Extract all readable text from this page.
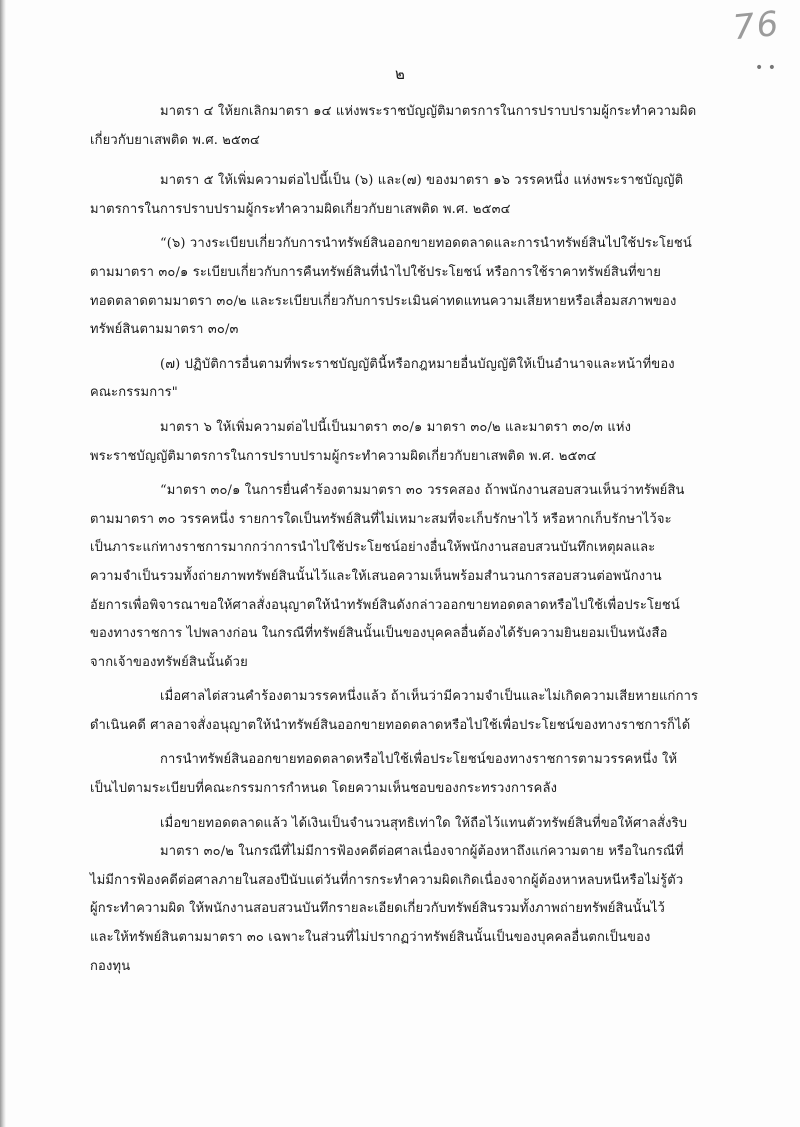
76
• •
๒

มาตรา ๔ ให้ยกเลิกมาตรา ๑๔ แห่งพระราชบัญญัติมาตรการในการปราบปรามผู้กระทำความผิด
เกี่ยวกับยาเสพติด พ.ศ. ๒๕๓๔

มาตรา ๕ ให้เพิ่มความต่อไปนี้เป็น (๖) และ(๗) ของมาตรา ๑๖ วรรคหนึ่ง แห่งพระราชบัญญัติ
มาตรการในการปราบปรามผู้กระทำความผิดเกี่ยวกับยาเสพติด พ.ศ. ๒๕๓๔

“(๖) วางระเบียบเกี่ยวกับการนำทรัพย์สินออกขายทอดตลาดและการนำทรัพย์สินไปใช้ประโยชน์
ตามมาตรา ๓๐/๑ ระเบียบเกี่ยวกับการคืนทรัพย์สินที่นำไปใช้ประโยชน์ หรือการใช้ราคาทรัพย์สินที่ขาย
ทอดตลาดตามมาตรา ๓๐/๒ และระเบียบเกี่ยวกับการประเมินค่าทดแทนความเสียหายหรือเสื่อมสภาพของ
ทรัพย์สินตามมาตรา ๓๐/๓

(๗) ปฏิบัติการอื่นตามที่พระราชบัญญัตินี้หรือกฎหมายอื่นบัญญัติให้เป็นอำนาจและหน้าที่ของ
คณะกรรมการ"

มาตรา ๖ ให้เพิ่มความต่อไปนี้เป็นมาตรา ๓๐/๑ มาตรา ๓๐/๒ และมาตรา ๓๐/๓ แห่ง
พระราชบัญญัติมาตรการในการปราบปรามผู้กระทำความผิดเกี่ยวกับยาเสพติด พ.ศ. ๒๕๓๔

“มาตรา ๓๐/๑ ในการยื่นคำร้องตามมาตรา ๓๐ วรรคสอง ถ้าพนักงานสอบสวนเห็นว่าทรัพย์สิน
ตามมาตรา ๓๐ วรรคหนึ่ง รายการใดเป็นทรัพย์สินที่ไม่เหมาะสมที่จะเก็บรักษาไว้ หรือหากเก็บรักษาไว้จะ
เป็นภาระแก่ทางราชการมากกว่าการนำไปใช้ประโยชน์อย่างอื่นให้พนักงานสอบสวนบันทึกเหตุผลและ
ความจำเป็นรวมทั้งถ่ายภาพทรัพย์สินนั้นไว้และให้เสนอความเห็นพร้อมสำนวนการสอบสวนต่อพนักงาน
อัยการเพื่อพิจารณาขอให้ศาลสั่งอนุญาตให้นำทรัพย์สินดังกล่าวออกขายทอดตลาดหรือไปใช้เพื่อประโยชน์
ของทางราชการ ไปพลางก่อน ในกรณีที่ทรัพย์สินนั้นเป็นของบุคคลอื่นต้องได้รับความยินยอมเป็นหนังสือ
จากเจ้าของทรัพย์สินนั้นด้วย

เมื่อศาลไต่สวนคำร้องตามวรรคหนึ่งแล้ว ถ้าเห็นว่ามีความจำเป็นและไม่เกิดความเสียหายแก่การ
ดำเนินคดี ศาลอาจสั่งอนุญาตให้นำทรัพย์สินออกขายทอดตลาดหรือไปใช้เพื่อประโยชน์ของทางราชการก็ได้

การนำทรัพย์สินออกขายทอดตลาดหรือไปใช้เพื่อประโยชน์ของทางราชการตามวรรคหนึ่ง ให้
เป็นไปตามระเบียบที่คณะกรรมการกำหนด โดยความเห็นชอบของกระทรวงการคลัง

เมื่อขายทอดตลาดแล้ว ได้เงินเป็นจำนวนสุทธิเท่าใด ให้ถือไว้แทนตัวทรัพย์สินที่ขอให้ศาลสั่งริบ

มาตรา ๓๐/๒ ในกรณีที่ไม่มีการฟ้องคดีต่อศาลเนื่องจากผู้ต้องหาถึงแก่ความตาย หรือในกรณีที่
ไม่มีการฟ้องคดีต่อศาลภายในสองปีนับแต่วันที่การกระทำความผิดเกิดเนื่องจากผู้ต้องหาหลบหนีหรือไม่รู้ตัว
ผู้กระทำความผิด ให้พนักงานสอบสวนบันทึกรายละเอียดเกี่ยวกับทรัพย์สินรวมทั้งภาพถ่ายทรัพย์สินนั้นไว้
และให้ทรัพย์สินตามมาตรา ๓๐ เฉพาะในส่วนที่ไม่ปรากฏว่าทรัพย์สินนั้นเป็นของบุคคลอื่นตกเป็นของ
กองทุน
